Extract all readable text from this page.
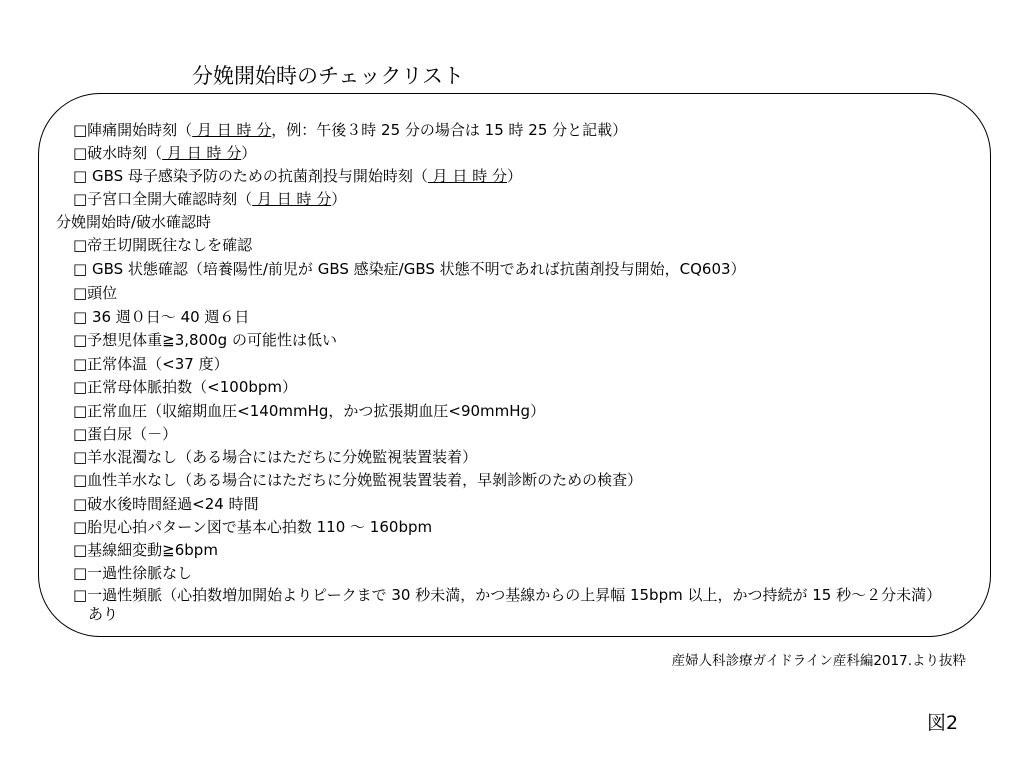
分娩開始時のチェックリスト
□陣痛開始時刻（ 月 日 時 分，例：午後３時 25 分の場合は 15 時 25 分と記載）
□破水時刻（ 月 日 時 分）
□ GBS 母子感染予防のための抗菌剤投与開始時刻（ 月 日 時 分）
□子宮口全開大確認時刻（ 月 日 時 分）
分娩開始時/破水確認時
□帝王切開既往なしを確認
□ GBS 状態確認（培養陽性/前児が GBS 感染症/GBS 状態不明であれば抗菌剤投与開始，CQ603）
□頭位
□ 36 週０日～ 40 週６日
□予想児体重≧3,800g の可能性は低い
□正常体温（<37 度）
□正常母体脈拍数（<100bpm）
□正常血圧（収縮期血圧<140mmHg，かつ拡張期血圧<90mmHg）
□蛋白尿（－）
□羊水混濁なし（ある場合にはただちに分娩監視装置装着）
□血性羊水なし（ある場合にはただちに分娩監視装置装着，早剝診断のための検査）
□破水後時間経過<24 時間
□胎児心拍パターン図で基本心拍数 110 ～ 160bpm
□基線細変動≧6bpm
□一過性徐脈なし
□一過性頻脈（心拍数増加開始よりピークまで 30 秒未満，かつ基線からの上昇幅 15bpm 以上，かつ持続が 15 秒～２分未満）
あり
産婦人科診療ガイドライン産科編2017.より抜粋
図2
